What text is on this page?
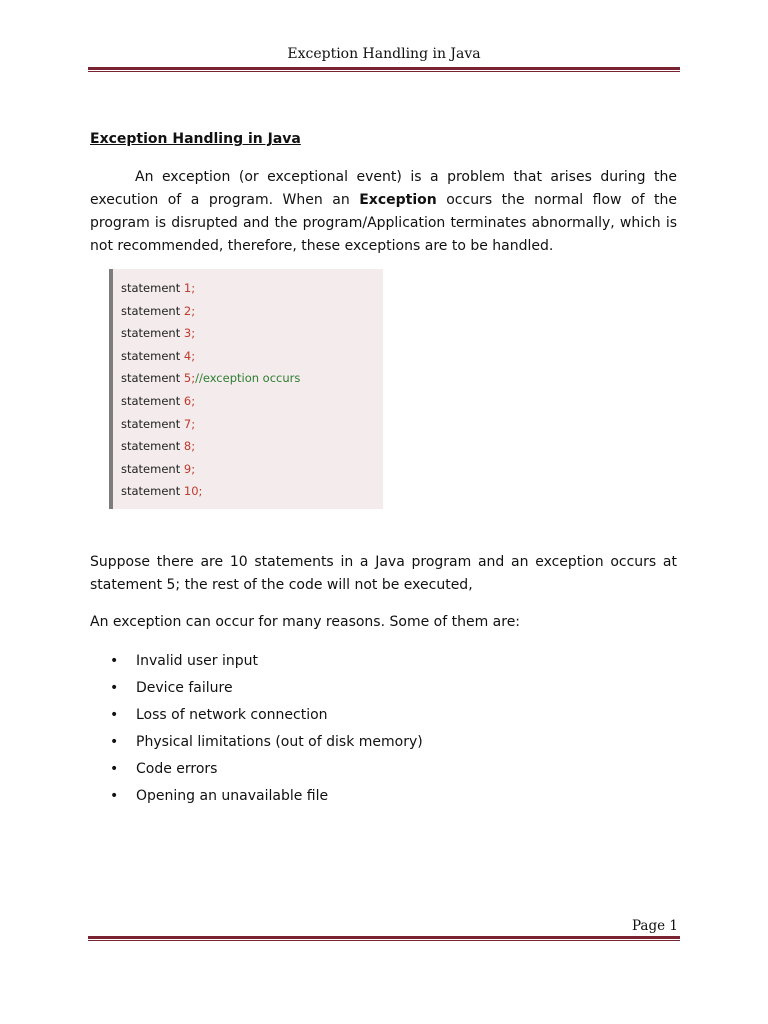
Exception Handling in Java
Exception Handling in Java

An exception (or exceptional event) is a problem that arises during the execution of a program. When an Exception occurs the normal flow of the program is disrupted and the program/Application terminates abnormally, which is not recommended, therefore, these exceptions are to be handled.

statement 1;
statement 2;
statement 3;
statement 4;
statement 5;//exception occurs
statement 6;
statement 7;
statement 8;
statement 9;
statement 10;

Suppose there are 10 statements in a Java program and an exception occurs at statement 5; the rest of the code will not be executed,

An exception can occur for many reasons. Some of them are:

• Invalid user input
• Device failure
• Loss of network connection
• Physical limitations (out of disk memory)
• Code errors
• Opening an unavailable file
Page 1
